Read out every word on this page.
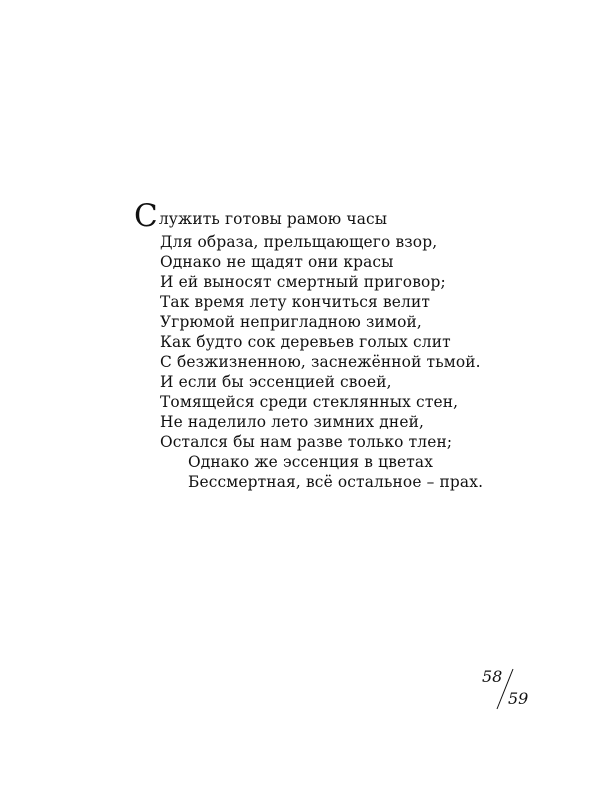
Служить готовы рамою часы
Для образа, прельщающего взор,
Однако не щадят они красы
И ей выносят смертный приговор;
Так время лету кончиться велит
Угрюмой непригладною зимой,
Как будто сок деревьев голых слит
С безжизненною, заснежённой тьмой.
И если бы эссенцией своей,
Томящейся среди стеклянных стен,
Не наделило лето зимних дней,
Остался бы нам разве только тлен;
Однако же эссенция в цветах
Бессмертная, всё остальное – прах.
58
59
